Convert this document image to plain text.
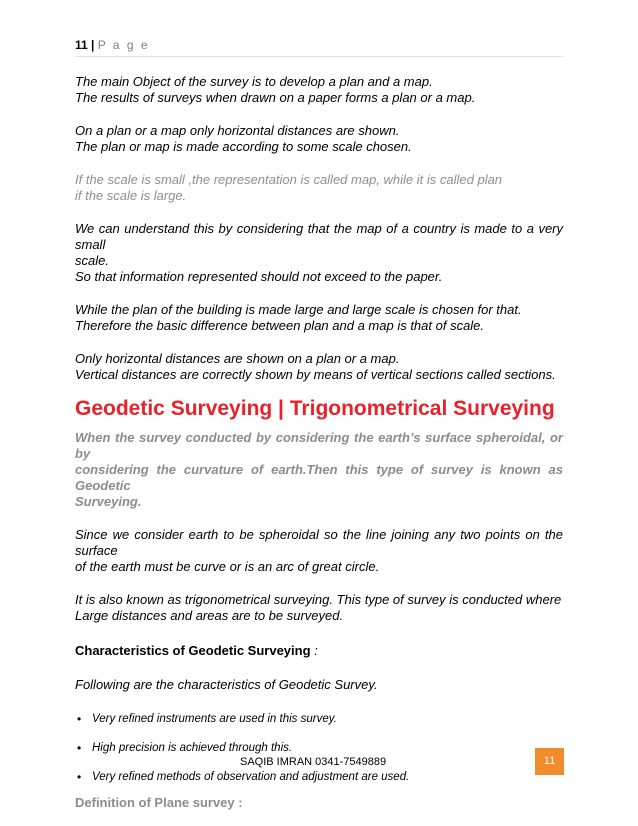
11 | P a g e

The main Object of the survey is to develop a plan and a map.
The results of surveys when drawn on a paper forms a plan or a map.

On a plan or a map only horizontal distances are shown.
The plan or map is made according to some scale chosen.

If the scale is small ,the representation is called map, while it is called plan
if the scale is large.

We can understand this by considering that the map of a country is made to a very small
scale.
So that information represented should not exceed to the paper.

While the plan of the building is made large and large scale is chosen for that.
Therefore the basic difference between plan and a map is that of scale.

Only horizontal distances are shown on a plan or a map.
Vertical distances are correctly shown by means of vertical sections called sections.

Geodetic Surveying | Trigonometrical Surveying

When the survey conducted by considering the earth’s surface spheroidal, or by
considering the curvature of earth.Then this type of survey is known as Geodetic
Surveying.

Since we consider earth to be spheroidal so the line joining any two points on the surface
of the earth must be curve or is an arc of great circle.

It is also known as trigonometrical surveying. This type of survey is conducted where
Large distances and areas are to be surveyed.

Characteristics of Geodetic Surveying :

Following are the characteristics of Geodetic Survey.

•
Very refined instruments are used in this survey.
•
High precision is achieved through this.
•
Very refined methods of observation and adjustment are used.

Definition of Plane survey :

SAQIB IMRAN 0341-7549889	11
